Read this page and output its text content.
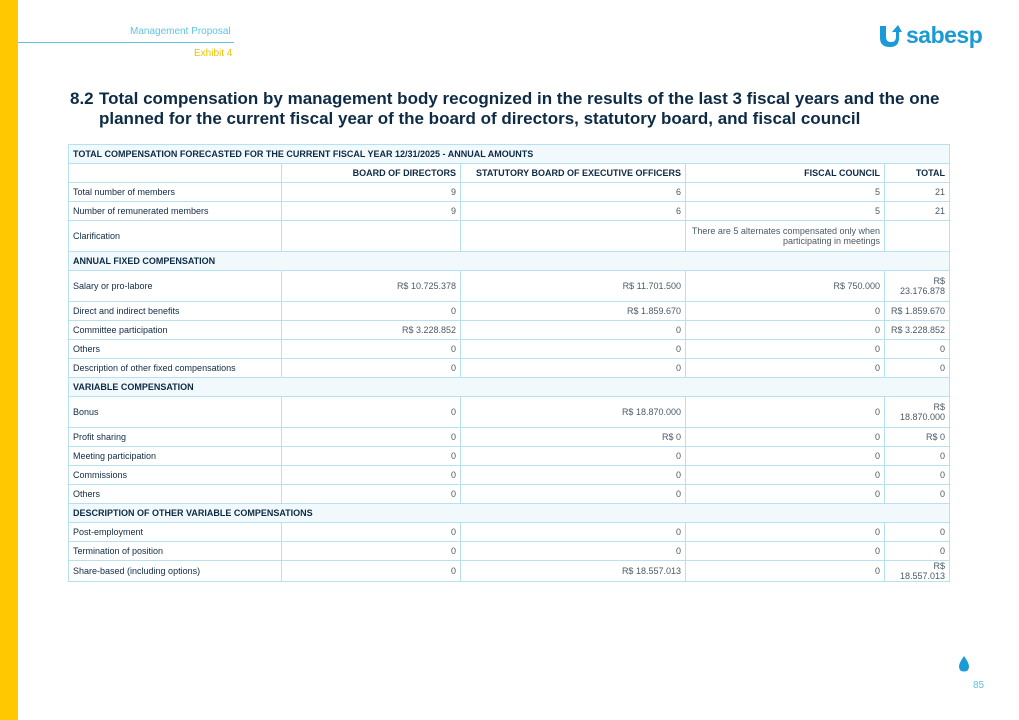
Management Proposal
Exhibit 4
sabesp
8.2 Total compensation by management body recognized in the results of the last 3 fiscal years and the one
planned for the current fiscal year of the board of directors, statutory board, and fiscal council
TOTAL COMPENSATION FORECASTED FOR THE CURRENT FISCAL YEAR 12/31/2025 - ANNUAL AMOUNTS				
	BOARD OF DIRECTORS	STATUTORY BOARD OF EXECUTIVE OFFICERS	FISCAL COUNCIL	TOTAL
Total number of members	9	6	5	21
Number of remunerated members	9	6	5	21
Clarification			There are 5 alternates compensated only when participating in meetings	
ANNUAL FIXED COMPENSATION				
Salary or pro-labore	R$ 10.725.378	R$ 11.701.500	R$ 750.000	R$ 23.176.878
Direct and indirect benefits	0	R$ 1.859.670	0	R$ 1.859.670
Committee participation	R$ 3.228.852	0	0	R$ 3.228.852
Others	0	0	0	0
Description of other fixed compensations	0	0	0	0
VARIABLE COMPENSATION				
Bonus	0	R$ 18.870.000	0	R$ 18.870.000
Profit sharing	0	R$ 0	0	R$ 0
Meeting participation	0	0	0	0
Commissions	0	0	0	0
Others	0	0	0	0
DESCRIPTION OF OTHER VARIABLE COMPENSATIONS				
Post-employment	0	0	0	0
Termination of position	0	0	0	0
Share-based (including options)	0	R$ 18.557.013	0	R$ 18.557.013
85
